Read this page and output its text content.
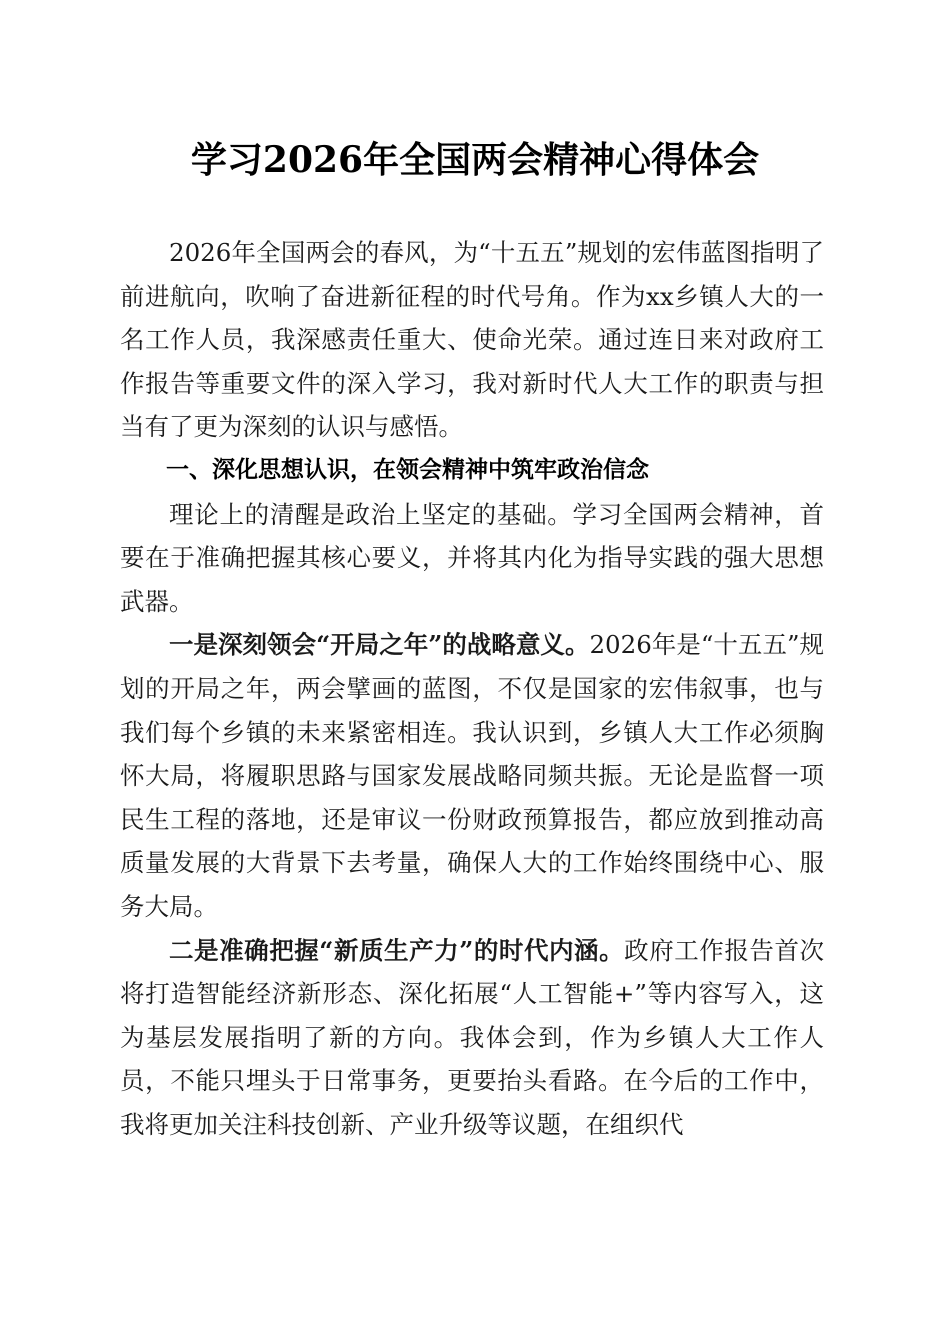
学习2026年全国两会精神心得体会

2026年全国两会的春风，为“十五五”规划的宏伟蓝图指明了前进航向，吹响了奋进新征程的时代号角。作为xx乡镇人大的一名工作人员，我深感责任重大、使命光荣。通过连日来对政府工作报告等重要文件的深入学习，我对新时代人大工作的职责与担当有了更为深刻的认识与感悟。

一、深化思想认识，在领会精神中筑牢政治信念

理论上的清醒是政治上坚定的基础。学习全国两会精神，首要在于准确把握其核心要义，并将其内化为指导实践的强大思想武器。

一是深刻领会“开局之年”的战略意义。2026年是“十五五”规划的开局之年，两会擘画的蓝图，不仅是国家的宏伟叙事，也与我们每个乡镇的未来紧密相连。我认识到，乡镇人大工作必须胸怀大局，将履职思路与国家发展战略同频共振。无论是监督一项民生工程的落地，还是审议一份财政预算报告，都应放到推动高质量发展的大背景下去考量，确保人大的工作始终围绕中心、服务大局。

二是准确把握“新质生产力”的时代内涵。政府工作报告首次将打造智能经济新形态、深化拓展“人工智能+”等内容写入，这为基层发展指明了新的方向。我体会到，作为乡镇人大工作人员，不能只埋头于日常事务，更要抬头看路。在今后的工作中，我将更加关注科技创新、产业升级等议题，在组织代
